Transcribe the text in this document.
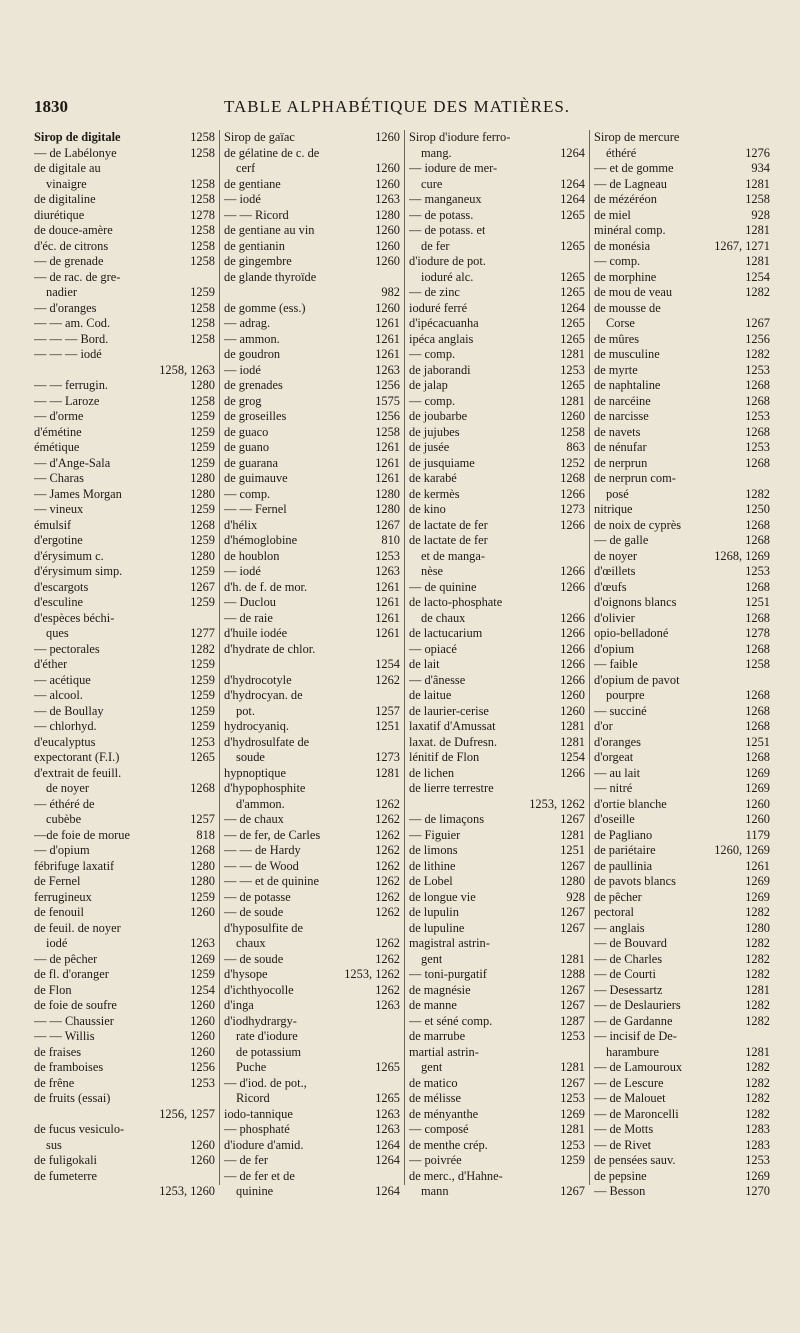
1830	TABLE ALPHABÉTIQUE DES MATIÈRES.
Sirop de digitale	1258
— de Labélonye	1258
de digitale au
vinaigre	1258
de digitaline	1258
diurétique	1278
de douce-amère	1258
d'éc. de citrons	1258
— de grenade	1258
— de rac. de gre-
nadier	1259
— d'oranges	1258
— — am. Cod.	1258
— — — Bord.	1258
— — — iodé
1258, 1263
— — ferrugin.	1280
— — Laroze	1258
— d'orme	1259
d'émétine	1259
émétique	1259
— d'Ange-Sala	1259
— Charas	1280
— James Morgan	1280
— vineux	1259
émulsif	1268
d'ergotine	1259
d'érysimum c.	1280
d'érysimum simp.	1259
d'escargots	1267
d'esculine	1259
d'espèces béchi-
ques	1277
— pectorales	1282
d'éther	1259
— acétique	1259
— alcool.	1259
— de Boullay	1259
— chlorhyd.	1259
d'eucalyptus	1253
expectorant (F.I.)	1265
d'extrait de feuill.
de noyer	1268
— éthéré de
cubèbe	1257
—de foie de morue	818
— d'opium	1268
fébrifuge laxatif	1280
de Fernel	1280
ferrugineux	1259
de fenouil	1260
de feuil. de noyer
iodé	1263
— de pêcher	1269
de fl. d'oranger	1259
de Flon	1254
de foie de soufre	1260
— — Chaussier	1260
— — Willis	1260
de fraises	1260
de framboises	1256
de frêne	1253
de fruits (essai)
1256, 1257
de fucus vesiculo-
sus	1260
de fuligokali	1260
de fumeterre
1253, 1260
Sirop de gaïac	1260
de gélatine de c. de
cerf	1260
de gentiane	1260
— iodé	1263
— — Ricord	1280
de gentiane au vin	1260
de gentianin	1260
de gingembre	1260
de glande thyroïde
982
de gomme (ess.)	1260
— adrag.	1261
— ammon.	1261
de goudron	1261
— iodé	1263
de grenades	1256
de grog	1575
de groseilles	1256
de guaco	1258
de guano	1261
de guarana	1261
de guimauve	1261
— comp.	1280
— — Fernel	1280
d'hélix	1267
d'hémoglobine	810
de houblon	1253
— iodé	1263
d'h. de f. de mor.	1261
— Duclou	1261
— de raie	1261
d'huile iodée	1261
d'hydrate de chlor.
1254
d'hydrocotyle	1262
d'hydrocyan. de
pot.	1257
hydrocyaniq.	1251
d'hydrosulfate de
soude	1273
hypnoptique	1281
d'hypophosphite
d'ammon.	1262
— de chaux	1262
— de fer, de Carles	1262
— — de Hardy	1262
— — de Wood	1262
— — et de quinine	1262
— de potasse	1262
— de soude	1262
d'hyposulfite de
chaux	1262
— de soude	1262
d'hysope	1253, 1262
d'ichthyocolle	1262
d'inga	1263
d'iodhydrargy-
rate d'iodure
de potassium
Puche	1265
— d'iod. de pot.,
Ricord	1265
iodo-tannique	1263
— phosphaté	1263
d'iodure d'amid.	1264
— de fer	1264
— de fer et de
quinine	1264
Sirop d'iodure ferro-
mang.	1264
— iodure de mer-
cure	1264
— manganeux	1264
— de potass.	1265
— de potass. et
de fer	1265
d'iodure de pot.
ioduré alc.	1265
— de zinc	1265
ioduré ferré	1264
d'ipécacuanha	1265
ipéca anglais	1265
— comp.	1281
de jaborandi	1253
de jalap	1265
— comp.	1281
de joubarbe	1260
de jujubes	1258
de jusée	863
de jusquiame	1252
de karabé	1268
de kermès	1266
de kino	1273
de lactate de fer	1266
de lactate de fer
et de manga-
nèse	1266
— de quinine	1266
de lacto-phosphate
de chaux	1266
de lactucarium	1266
— opiacé	1266
de lait	1266
— d'ânesse	1266
de laitue	1260
de laurier-cerise	1260
laxatif d'Amussat	1281
laxat. de Dufresn.	1281
lénitif de Flon	1254
de lichen	1266
de lierre terrestre
1253, 1262
— de limaçons	1267
— Figuier	1281
de limons	1251
de lithine	1267
de Lobel	1280
de longue vie	928
de lupulin	1267
de lupuline	1267
magistral astrin-
gent	1281
— toni-purgatif	1288
de magnésie	1267
de manne	1267
— et séné comp.	1287
de marrube	1253
martial astrin-
gent	1281
de matico	1267
de mélisse	1253
de ményanthe	1269
— composé	1281
de menthe crép.	1253
— poivrée	1259
de merc., d'Hahne-
mann	1267
Sirop de mercure
éthéré	1276
— et de gomme	934
— de Lagneau	1281
de mézéréon	1258
de miel	928
minéral comp.	1281
de monésia	1267, 1271
— comp.	1281
de morphine	1254
de mou de veau	1282
de mousse de
Corse	1267
de mûres	1256
de musculine	1282
de myrte	1253
de naphtaline	1268
de narcéine	1268
de narcisse	1253
de navets	1268
de nénufar	1253
de nerprun	1268
de nerprun com-
posé	1282
nitrique	1250
de noix de cyprès	1268
— de galle	1268
de noyer	1268, 1269
d'œillets	1253
d'œufs	1268
d'oignons blancs	1251
d'olivier	1268
opio-belladoné	1278
d'opium	1268
— faible	1258
d'opium de pavot
pourpre	1268
— succiné	1268
d'or	1268
d'oranges	1251
d'orgeat	1268
— au lait	1269
— nitré	1269
d'ortie blanche	1260
d'oseille	1260
de Pagliano	1179
de pariétaire	1260, 1269
de paullinia	1261
de pavots blancs	1269
de pêcher	1269
pectoral	1282
— anglais	1280
— de Bouvard	1282
— de Charles	1282
— de Courti	1282
— Desessartz	1281
— de Deslauriers	1282
— de Gardanne	1282
— incisif de De-
harambure	1281
— de Lamouroux	1282
— de Lescure	1282
— de Malouet	1282
— de Maroncelli	1282
— de Motts	1283
— de Rivet	1283
de pensées sauv.	1253
de pepsine	1269
— Besson	1270
